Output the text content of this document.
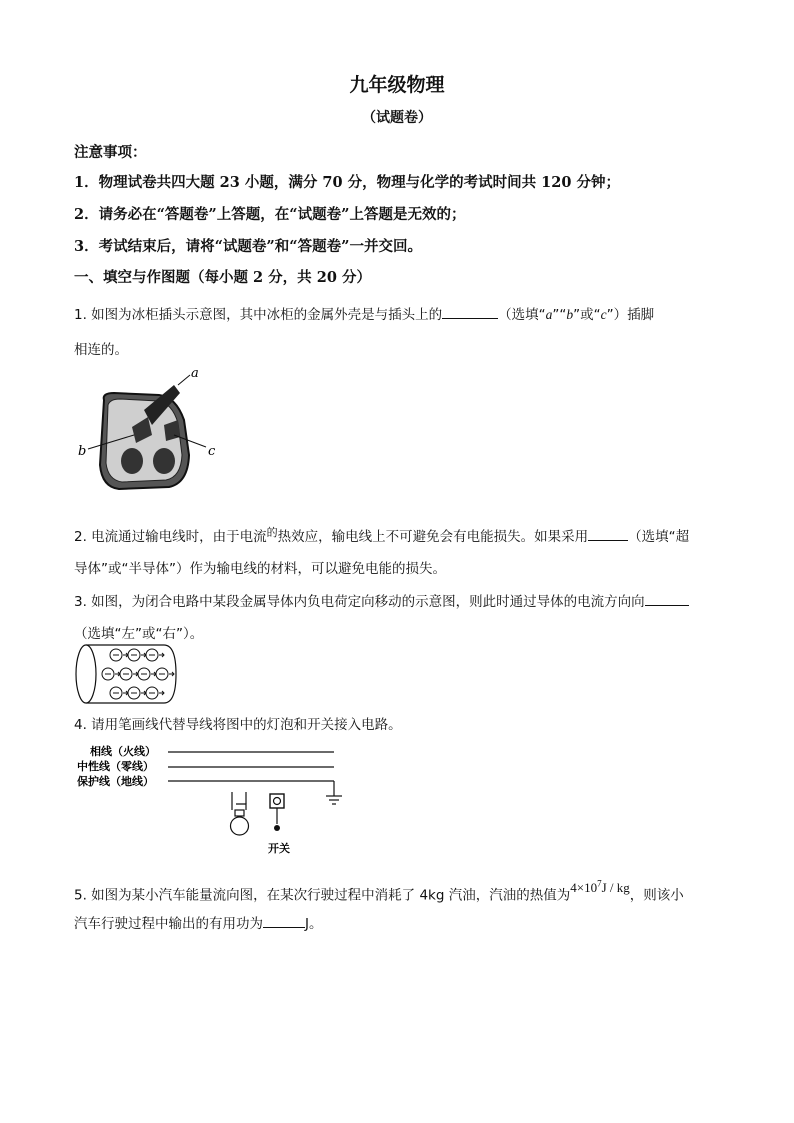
九年级物理
（试题卷）
注意事项：
1．物理试卷共四大题 23 小题，满分 70 分，物理与化学的考试时间共 120 分钟；
2．请务必在“答题卷”上答题，在“试题卷”上答题是无效的；
3．考试结束后，请将“试题卷”和“答题卷”一并交回。
一、填空与作图题（每小题 2 分，共 20 分）
1. 如图为冰柜插头示意图，其中冰柜的金属外壳是与插头上的	（选填“a”“b”或“c”）插脚
相连的。
a
b	c
2. 电流通过输电线时，由于电流$^的$热效应，输电线上不可避免会有电能损失。如果采用	（选填“超
导体”或“半导体”）作为输电线的材料，可以避免电能的损失。
3. 如图，为闭合电路中某段金属导体内负电荷定向移动的示意图，则此时通过导体的电流方向向
（选填“左”或“右”）。
4. 请用笔画线代替导线将图中的灯泡和开关接入电路。
相线（火线）
中性线（零线）
保护线（地线）
开关
5. 如图为某小汽车能量流向图，在某次行驶过程中消耗了 4kg 汽油，汽油的热值为$4\times 10^7J$ / kg，则该小
汽车行驶过程中输出的有用功为	J。
